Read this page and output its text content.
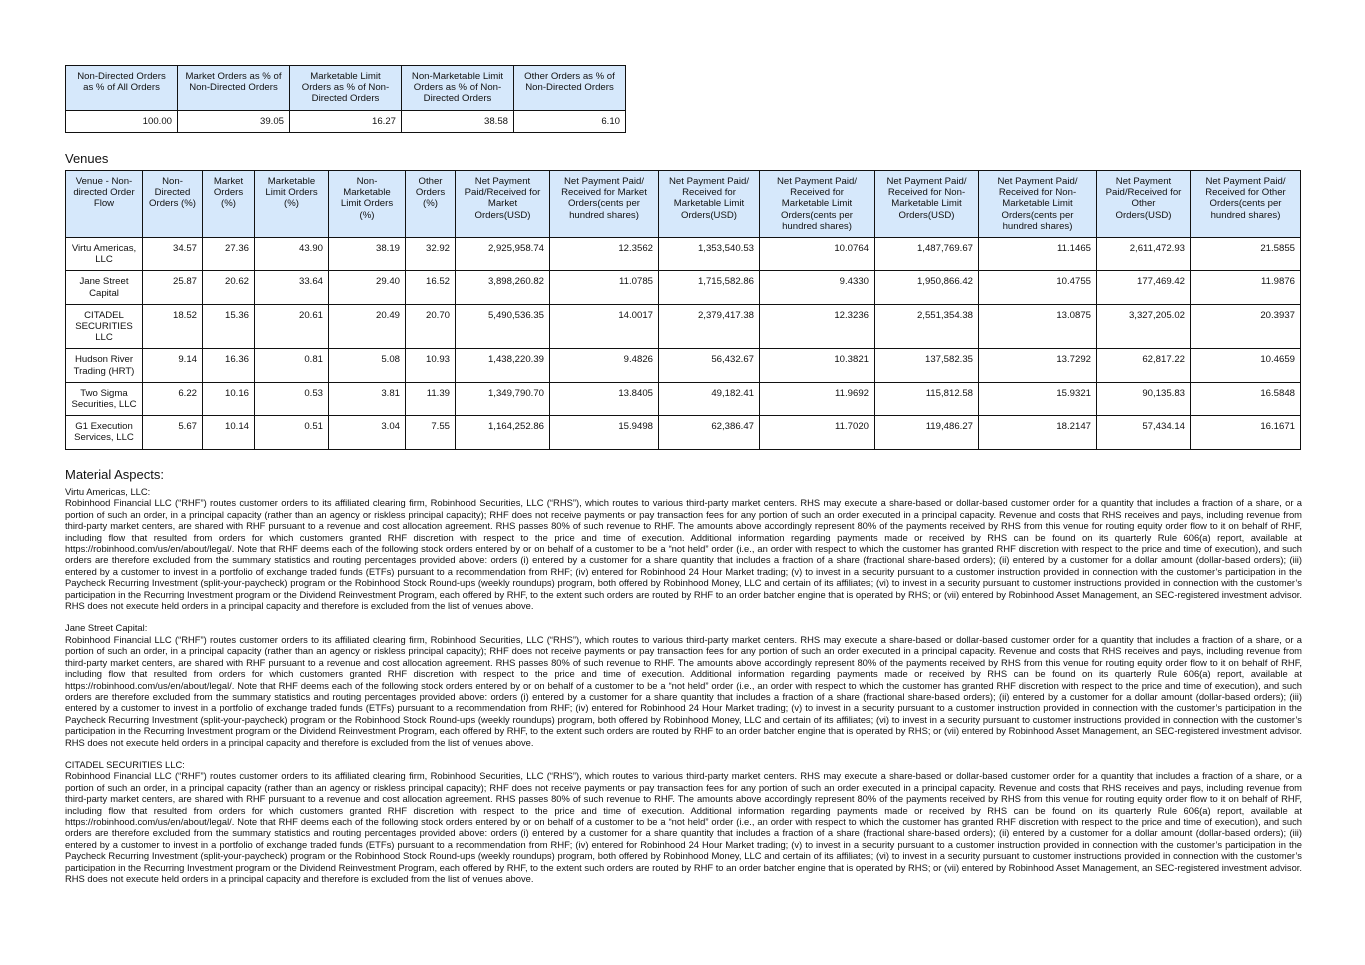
Non-Directed Orders as % of All Orders	Market Orders as % of Non-Directed Orders	Marketable Limit Orders as % of Non-Directed Orders	Non-Marketable Limit Orders as % of Non-Directed Orders	Other Orders as % of Non-Directed Orders
100.00	39.05	16.27	38.58	6.10
Venues
Venue - Non-directed Order Flow	Non-Directed Orders (%)	Market Orders (%)	Marketable Limit Orders (%)	Non-Marketable Limit Orders (%)	Other Orders (%)	Net Payment Paid/Received for Market Orders(USD)	Net Payment Paid/ Received for Market Orders(cents per hundred shares)	Net Payment Paid/ Received for Marketable Limit Orders(USD)	Net Payment Paid/ Received for Marketable Limit Orders(cents per hundred shares)	Net Payment Paid/ Received for Non-Marketable Limit Orders(USD)	Net Payment Paid/ Received for Non-Marketable Limit Orders(cents per hundred shares)	Net Payment Paid/Received for Other Orders(USD)	Net Payment Paid/ Received for Other Orders(cents per hundred shares)
Virtu Americas, LLC	34.57	27.36	43.90	38.19	32.92	2,925,958.74	12.3562	1,353,540.53	10.0764	1,487,769.67	11.1465	2,611,472.93	21.5855
Jane Street Capital	25.87	20.62	33.64	29.40	16.52	3,898,260.82	11.0785	1,715,582.86	9.4330	1,950,866.42	10.4755	177,469.42	11.9876
CITADEL SECURITIES LLC	18.52	15.36	20.61	20.49	20.70	5,490,536.35	14.0017	2,379,417.38	12.3236	2,551,354.38	13.0875	3,327,205.02	20.3937
Hudson River Trading (HRT)	9.14	16.36	0.81	5.08	10.93	1,438,220.39	9.4826	56,432.67	10.3821	137,582.35	13.7292	62,817.22	10.4659
Two Sigma Securities, LLC	6.22	10.16	0.53	3.81	11.39	1,349,790.70	13.8405	49,182.41	11.9692	115,812.58	15.9321	90,135.83	16.5848
G1 Execution Services, LLC	5.67	10.14	0.51	3.04	7.55	1,164,252.86	15.9498	62,386.47	11.7020	119,486.27	18.2147	57,434.14	16.1671
Material Aspects:
Virtu Americas, LLC:
Robinhood Financial LLC (“RHF”) routes customer orders to its affiliated clearing firm, Robinhood Securities, LLC (“RHS”), which routes to various third-party market centers. RHS may execute a share-based or dollar-based customer order for a quantity that includes a fraction of a share, or a portion of such an order, in a principal capacity (rather than an agency or riskless principal capacity); RHF does not receive payments or pay transaction fees for any portion of such an order executed in a principal capacity. Revenue and costs that RHS receives and pays, including revenue from third-party market centers, are shared with RHF pursuant to a revenue and cost allocation agreement. RHS passes 80% of such revenue to RHF. The amounts above accordingly represent 80% of the payments received by RHS from this venue for routing equity order flow to it on behalf of RHF, including flow that resulted from orders for which customers granted RHF discretion with respect to the price and time of execution. Additional information regarding payments made or received by RHS can be found on its quarterly Rule 606(a) report, available at https://robinhood.com/us/en/about/legal/. Note that RHF deems each of the following stock orders entered by or on behalf of a customer to be a “not held” order (i.e., an order with respect to which the customer has granted RHF discretion with respect to the price and time of execution), and such orders are therefore excluded from the summary statistics and routing percentages provided above: orders (i) entered by a customer for a share quantity that includes a fraction of a share (fractional share-based orders); (ii) entered by a customer for a dollar amount (dollar-based orders); (iii) entered by a customer to invest in a portfolio of exchange traded funds (ETFs) pursuant to a recommendation from RHF; (iv) entered for Robinhood 24 Hour Market trading; (v) to invest in a security pursuant to a customer instruction provided in connection with the customer’s participation in the Paycheck Recurring Investment (split-your-paycheck) program or the Robinhood Stock Round-ups (weekly roundups) program, both offered by Robinhood Money, LLC and certain of its affiliates; (vi) to invest in a security pursuant to customer instructions provided in connection with the customer’s participation in the Recurring Investment program or the Dividend Reinvestment Program, each offered by RHF, to the extent such orders are routed by RHF to an order batcher engine that is operated by RHS; or (vii) entered by Robinhood Asset Management, an SEC-registered investment advisor. RHS does not execute held orders in a principal capacity and therefore is excluded from the list of venues above.
Jane Street Capital:
Robinhood Financial LLC (“RHF”) routes customer orders to its affiliated clearing firm, Robinhood Securities, LLC (“RHS”), which routes to various third-party market centers. RHS may execute a share-based or dollar-based customer order for a quantity that includes a fraction of a share, or a portion of such an order, in a principal capacity (rather than an agency or riskless principal capacity); RHF does not receive payments or pay transaction fees for any portion of such an order executed in a principal capacity. Revenue and costs that RHS receives and pays, including revenue from third-party market centers, are shared with RHF pursuant to a revenue and cost allocation agreement. RHS passes 80% of such revenue to RHF. The amounts above accordingly represent 80% of the payments received by RHS from this venue for routing equity order flow to it on behalf of RHF, including flow that resulted from orders for which customers granted RHF discretion with respect to the price and time of execution. Additional information regarding payments made or received by RHS can be found on its quarterly Rule 606(a) report, available at https://robinhood.com/us/en/about/legal/. Note that RHF deems each of the following stock orders entered by or on behalf of a customer to be a “not held” order (i.e., an order with respect to which the customer has granted RHF discretion with respect to the price and time of execution), and such orders are therefore excluded from the summary statistics and routing percentages provided above: orders (i) entered by a customer for a share quantity that includes a fraction of a share (fractional share-based orders); (ii) entered by a customer for a dollar amount (dollar-based orders); (iii) entered by a customer to invest in a portfolio of exchange traded funds (ETFs) pursuant to a recommendation from RHF; (iv) entered for Robinhood 24 Hour Market trading; (v) to invest in a security pursuant to a customer instruction provided in connection with the customer’s participation in the Paycheck Recurring Investment (split-your-paycheck) program or the Robinhood Stock Round-ups (weekly roundups) program, both offered by Robinhood Money, LLC and certain of its affiliates; (vi) to invest in a security pursuant to customer instructions provided in connection with the customer’s participation in the Recurring Investment program or the Dividend Reinvestment Program, each offered by RHF, to the extent such orders are routed by RHF to an order batcher engine that is operated by RHS; or (vii) entered by Robinhood Asset Management, an SEC-registered investment advisor. RHS does not execute held orders in a principal capacity and therefore is excluded from the list of venues above.
CITADEL SECURITIES LLC:
Robinhood Financial LLC (“RHF”) routes customer orders to its affiliated clearing firm, Robinhood Securities, LLC (“RHS”), which routes to various third-party market centers. RHS may execute a share-based or dollar-based customer order for a quantity that includes a fraction of a share, or a portion of such an order, in a principal capacity (rather than an agency or riskless principal capacity); RHF does not receive payments or pay transaction fees for any portion of such an order executed in a principal capacity. Revenue and costs that RHS receives and pays, including revenue from third-party market centers, are shared with RHF pursuant to a revenue and cost allocation agreement. RHS passes 80% of such revenue to RHF. The amounts above accordingly represent 80% of the payments received by RHS from this venue for routing equity order flow to it on behalf of RHF, including flow that resulted from orders for which customers granted RHF discretion with respect to the price and time of execution. Additional information regarding payments made or received by RHS can be found on its quarterly Rule 606(a) report, available at https://robinhood.com/us/en/about/legal/. Note that RHF deems each of the following stock orders entered by or on behalf of a customer to be a “not held” order (i.e., an order with respect to which the customer has granted RHF discretion with respect to the price and time of execution), and such orders are therefore excluded from the summary statistics and routing percentages provided above: orders (i) entered by a customer for a share quantity that includes a fraction of a share (fractional share-based orders); (ii) entered by a customer for a dollar amount (dollar-based orders); (iii) entered by a customer to invest in a portfolio of exchange traded funds (ETFs) pursuant to a recommendation from RHF; (iv) entered for Robinhood 24 Hour Market trading; (v) to invest in a security pursuant to a customer instruction provided in connection with the customer’s participation in the Paycheck Recurring Investment (split-your-paycheck) program or the Robinhood Stock Round-ups (weekly roundups) program, both offered by Robinhood Money, LLC and certain of its affiliates; (vi) to invest in a security pursuant to customer instructions provided in connection with the customer’s participation in the Recurring Investment program or the Dividend Reinvestment Program, each offered by RHF, to the extent such orders are routed by RHF to an order batcher engine that is operated by RHS; or (vii) entered by Robinhood Asset Management, an SEC-registered investment advisor. RHS does not execute held orders in a principal capacity and therefore is excluded from the list of venues above.
